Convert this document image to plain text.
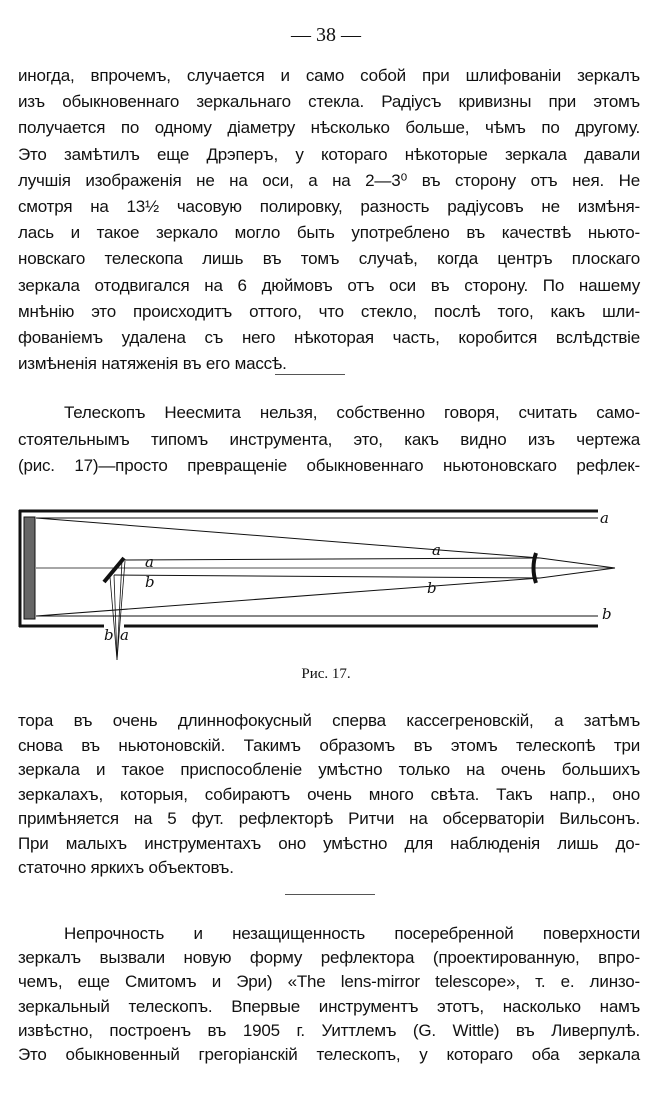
— 38 —
иногда, впрочемъ, случается и само собой при шлифованiи зеркалъ
изъ обыкновеннаго зеркальнаго стекла. Радiусъ кривизны при этомъ
получается по одному дiаметру нѣсколько больше, чѣмъ по другому.
Это замѣтилъ еще Дрэперъ, у котораго нѣкоторые зеркала давали
лучшiя изображенiя не на оси, а на 2—3⁰ въ сторону отъ нея. Не
смотря на 13½ часовую полировку, разность радiусовъ не измѣня-
лась и такое зеркало могло быть употреблено въ качествѣ ньюто-
новскаго телескопа лишь въ томъ случаѣ, когда центръ плоскаго
зеркала отодвигался на 6 дюймовъ отъ оси въ сторону. По нашему
мнѣнiю это происходитъ оттого, что стекло, послѣ того, какъ шли-
фованiемъ удалена съ него нѣкоторая часть, коробится вслѣдствiе
измѣненiя натяженiя въ его массѣ.
Телескопъ Неесмита нельзя, собственно говоря, считать само-
стоятельнымъ типомъ инструмента, это, какъ видно изъ чертежа
(рис. 17)—просто превращенiе обыкновеннаго ньютоновскаго рефлек-
a
a
a
b	b
b
b a
Рис. 17.
тора въ очень длиннофокусный сперва кассегреновскiй, а затѣмъ
снова въ ньютоновскiй. Такимъ образомъ въ этомъ телескопѣ три
зеркала и такое приспособленiе умѣстно только на очень большихъ
зеркалахъ, которыя, собираютъ очень много свѣта. Такъ напр., оно
примѣняется на 5 фут. рефлекторѣ Ритчи на обсерваторiи Вильсонъ.
При малыхъ инструментахъ оно умѣстно для наблюденiя лишь до-
статочно яркихъ объектовъ.
Непрочность и незащищенность посеребренной поверхности
зеркалъ вызвали новую форму рефлектора (проектированную, впро-
чемъ, еще Смитомъ и Эри) «The lens-mirror telescope», т. е. линзо-
зеркальный телескопъ. Впервые инструментъ этотъ, насколько намъ
извѣстно, построенъ въ 1905 г. Уиттлемъ (G. Wittle) въ Ливерпулѣ.
Это обыкновенный грегорiанскiй телескопъ, у котораго оба зеркала
